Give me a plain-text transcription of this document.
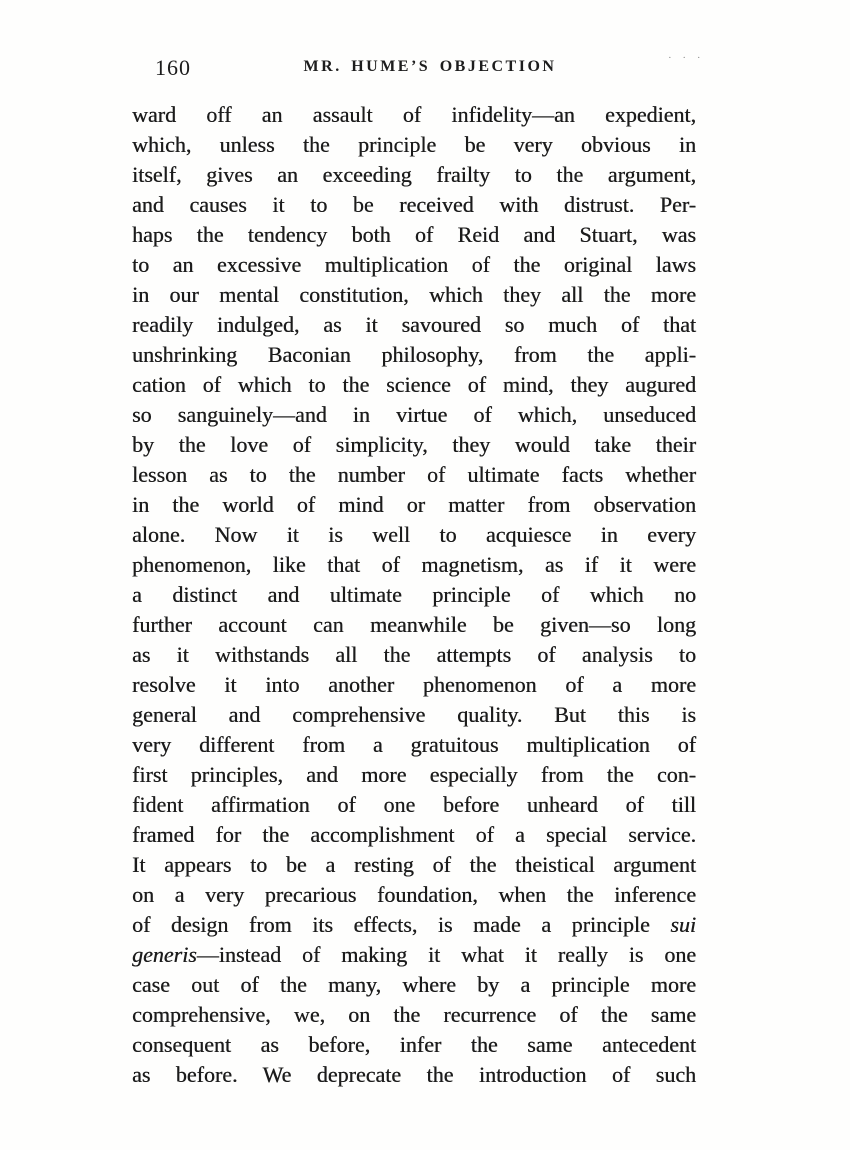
160	MR. HUME’S OBJECTION	· · ·
ward off an assault of infidelity—an expedient,
which, unless the principle be very obvious in
itself, gives an exceeding frailty to the argument,
and causes it to be received with distrust. Per-
haps the tendency both of Reid and Stuart, was
to an excessive multiplication of the original laws
in our mental constitution, which they all the more
readily indulged, as it savoured so much of that
unshrinking Baconian philosophy, from the appli-
cation of which to the science of mind, they augured
so sanguinely—and in virtue of which, unseduced
by the love of simplicity, they would take their
lesson as to the number of ultimate facts whether
in the world of mind or matter from observation
alone. Now it is well to acquiesce in every
phenomenon, like that of magnetism, as if it were
a distinct and ultimate principle of which no
further account can meanwhile be given—so long
as it withstands all the attempts of analysis to
resolve it into another phenomenon of a more
general and comprehensive quality. But this is
very different from a gratuitous multiplication of
first principles, and more especially from the con-
fident affirmation of one before unheard of till
framed for the accomplishment of a special service.
It appears to be a resting of the theistical argument
on a very precarious foundation, when the inference
of design from its effects, is made a principle sui
generis—instead of making it what it really is one
case out of the many, where by a principle more
comprehensive, we, on the recurrence of the same
consequent as before, infer the same antecedent
as before. We deprecate the introduction of such
